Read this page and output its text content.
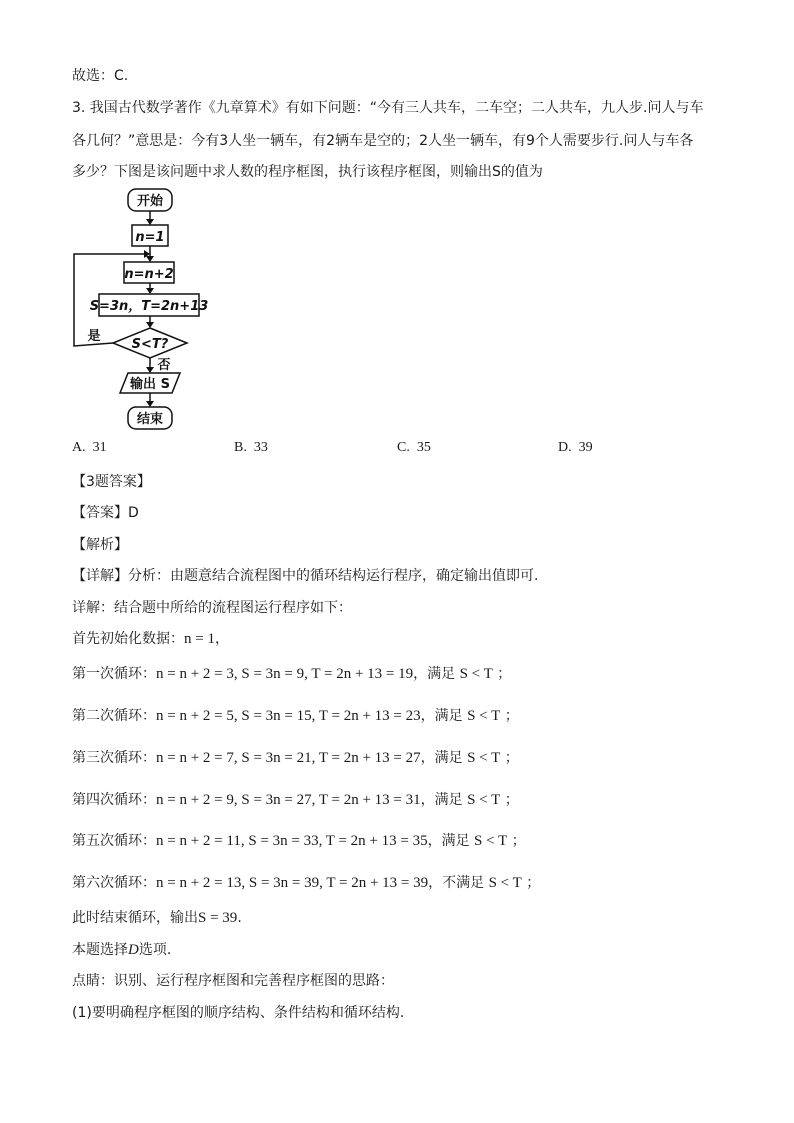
故选：C.
3. 我国古代数学著作《九章算术》有如下问题：“今有三人共车，二车空；二人共车，九人步.问人与车
各几何？”意思是：今有3人坐一辆车，有2辆车是空的；2人坐一辆车，有9个人需要步行.问人与车各
多少？下图是该问题中求人数的程序框图，执行该程序框图，则输出S的值为
开始
n=1
n=n+2
S=3n，T=2n+13
S<T?
是
否
输出 S
结束
A. 31	B. 33	C. 35	D. 39
【3题答案】
【答案】D
【解析】
【详解】分析：由题意结合流程图中的循环结构运行程序，确定输出值即可.
详解：结合题中所给的流程图运行程序如下：
首先初始化数据：n = 1，
第一次循环：n = n + 2 = 3, S = 3n = 9, T = 2n + 13 = 19，满足 S < T ；
第二次循环：n = n + 2 = 5, S = 3n = 15, T = 2n + 13 = 23，满足 S < T ；
第三次循环：n = n + 2 = 7, S = 3n = 21, T = 2n + 13 = 27，满足 S < T ；
第四次循环：n = n + 2 = 9, S = 3n = 27, T = 2n + 13 = 31，满足 S < T ；
第五次循环：n = n + 2 = 11, S = 3n = 33, T = 2n + 13 = 35，满足 S < T ；
第六次循环：n = n + 2 = 13, S = 3n = 39, T = 2n + 13 = 39，不满足 S < T ；
此时结束循环，输出S = 39.
本题选择D选项.
点睛：识别、运行程序框图和完善程序框图的思路：
(1)要明确程序框图的顺序结构、条件结构和循环结构.
